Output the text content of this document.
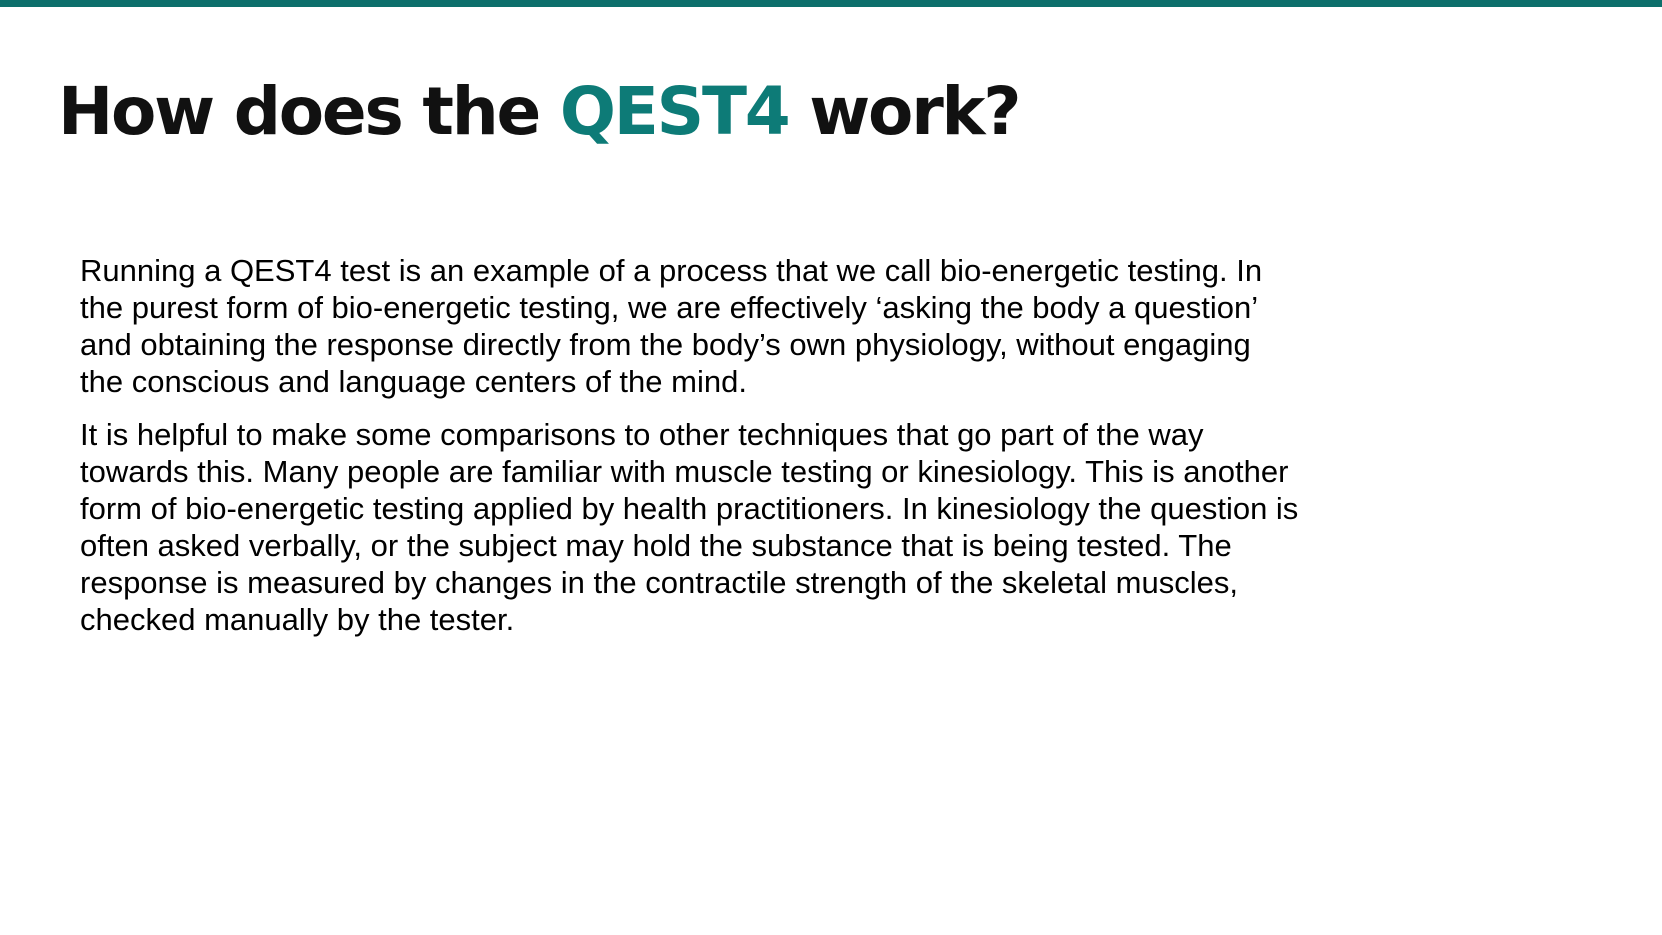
How does the QEST4 work?

Running a QEST4 test is an example of a process that we call bio-energetic testing. In
the purest form of bio-energetic testing, we are effectively ‘asking the body a question’
and obtaining the response directly from the body’s own physiology, without engaging
the conscious and language centers of the mind.

It is helpful to make some comparisons to other techniques that go part of the way
towards this. Many people are familiar with muscle testing or kinesiology. This is another
form of bio-energetic testing applied by health practitioners. In kinesiology the question is
often asked verbally, or the subject may hold the substance that is being tested. The
response is measured by changes in the contractile strength of the skeletal muscles,
checked manually by the tester.
